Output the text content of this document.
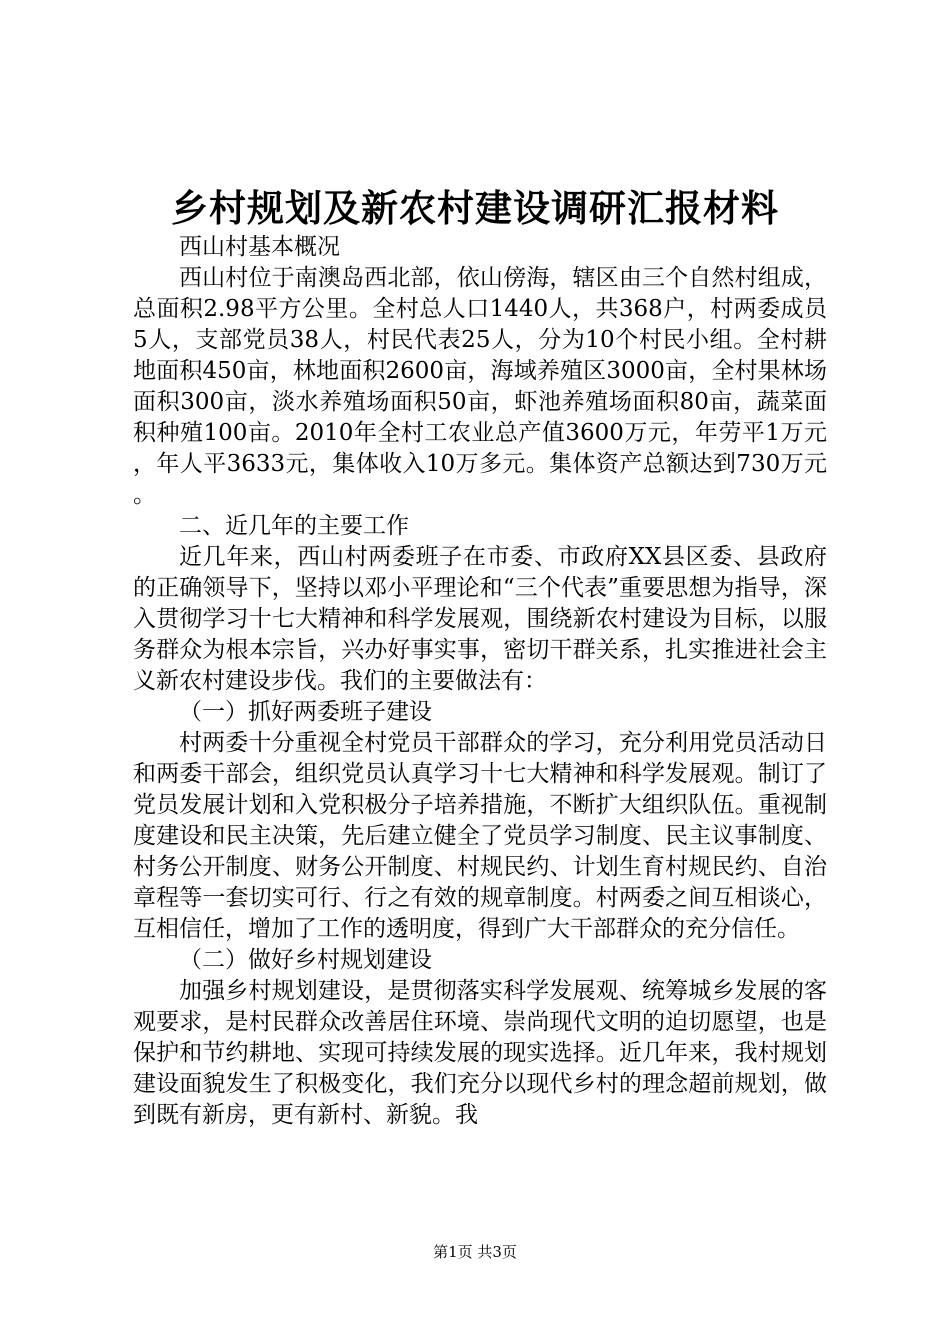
乡村规划及新农村建设调研汇报材料

西山村基本概况

西山村位于南澳岛西北部，依山傍海，辖区由三个自然村组成，总面积2.98平方公里。全村总人口1440人，共368户，村两委成员5人，支部党员38人，村民代表25人，分为10个村民小组。全村耕地面积450亩，林地面积2600亩，海域养殖区3000亩，全村果林场面积300亩，淡水养殖场面积50亩，虾池养殖场面积80亩，蔬菜面积种殖100亩。2010年全村工农业总产值3600万元，年劳平1万元，年人平3633元，集体收入10万多元。集体资产总额达到730万元。

二、近几年的主要工作

近几年来，西山村两委班子在市委、市政府XX县区委、县政府的正确领导下，坚持以邓小平理论和“三个代表”重要思想为指导，深入贯彻学习十七大精神和科学发展观，围绕新农村建设为目标，以服务群众为根本宗旨，兴办好事实事，密切干群关系，扎实推进社会主义新农村建设步伐。我们的主要做法有：

（一）抓好两委班子建设

村两委十分重视全村党员干部群众的学习，充分利用党员活动日和两委干部会，组织党员认真学习十七大精神和科学发展观。制订了党员发展计划和入党积极分子培养措施，不断扩大组织队伍。重视制度建设和民主决策，先后建立健全了党员学习制度、民主议事制度、村务公开制度、财务公开制度、村规民约、计划生育村规民约、自治章程等一套切实可行、行之有效的规章制度。村两委之间互相谈心，互相信任，增加了工作的透明度，得到广大干部群众的充分信任。

（二）做好乡村规划建设

加强乡村规划建设，是贯彻落实科学发展观、统筹城乡发展的客观要求，是村民群众改善居住环境、崇尚现代文明的迫切愿望，也是保护和节约耕地、实现可持续发展的现实选择。近几年来，我村规划建设面貌发生了积极变化，我们充分以现代乡村的理念超前规划，做到既有新房，更有新村、新貌。我

第1页 共3页
